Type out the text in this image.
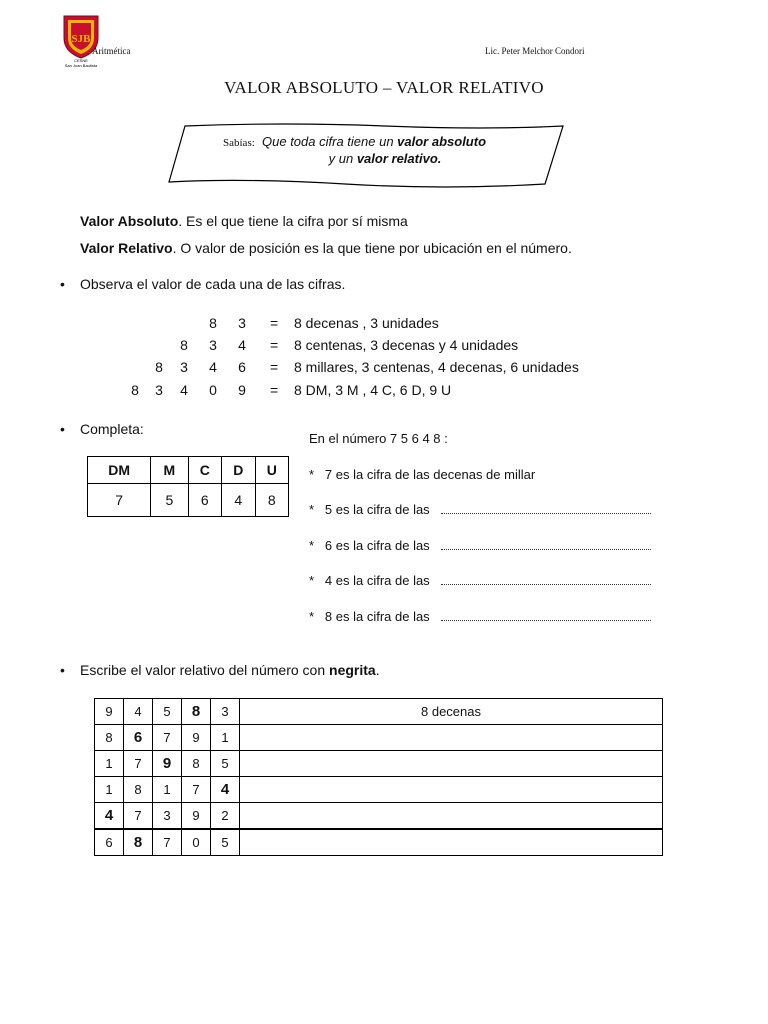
SJB
CESNE
San Juan Bautista
Aritmética	Lic. Peter Melchor Condori
VALOR ABSOLUTO – VALOR RELATIVO
Sabías: Que toda cifra tiene un valor absoluto
y un valor relativo.
Valor Absoluto. Es el que tiene la cifra por sí misma
Valor Relativo. O valor de posición es la que tiene por ubicación en el número.
• Observa el valor de cada una de las cifras.
8 3 = 8 decenas , 3 unidades
8 3 4 = 8 centenas, 3 decenas y 4 unidades
8 3 4 6 = 8 millares, 3 centenas, 4 decenas, 6 unidades
8 3 4 0 9 = 8 DM, 3 M , 4 C, 6 D, 9 U
• Completa:
DM	M	C	D	U
7	5	6	4	8
En el número 7 5 6 4 8 :
* 7 es la cifra de las decenas de millar
* 5 es la cifra de las
* 6 es la cifra de las
* 4 es la cifra de las
* 8 es la cifra de las
• Escribe el valor relativo del número con negrita.
9	4	5	8	3	8 decenas
8	6	7	9	1	
1	7	9	8	5	
1	8	1	7	4	
4	7	3	9	2	
6	8	7	0	5	
